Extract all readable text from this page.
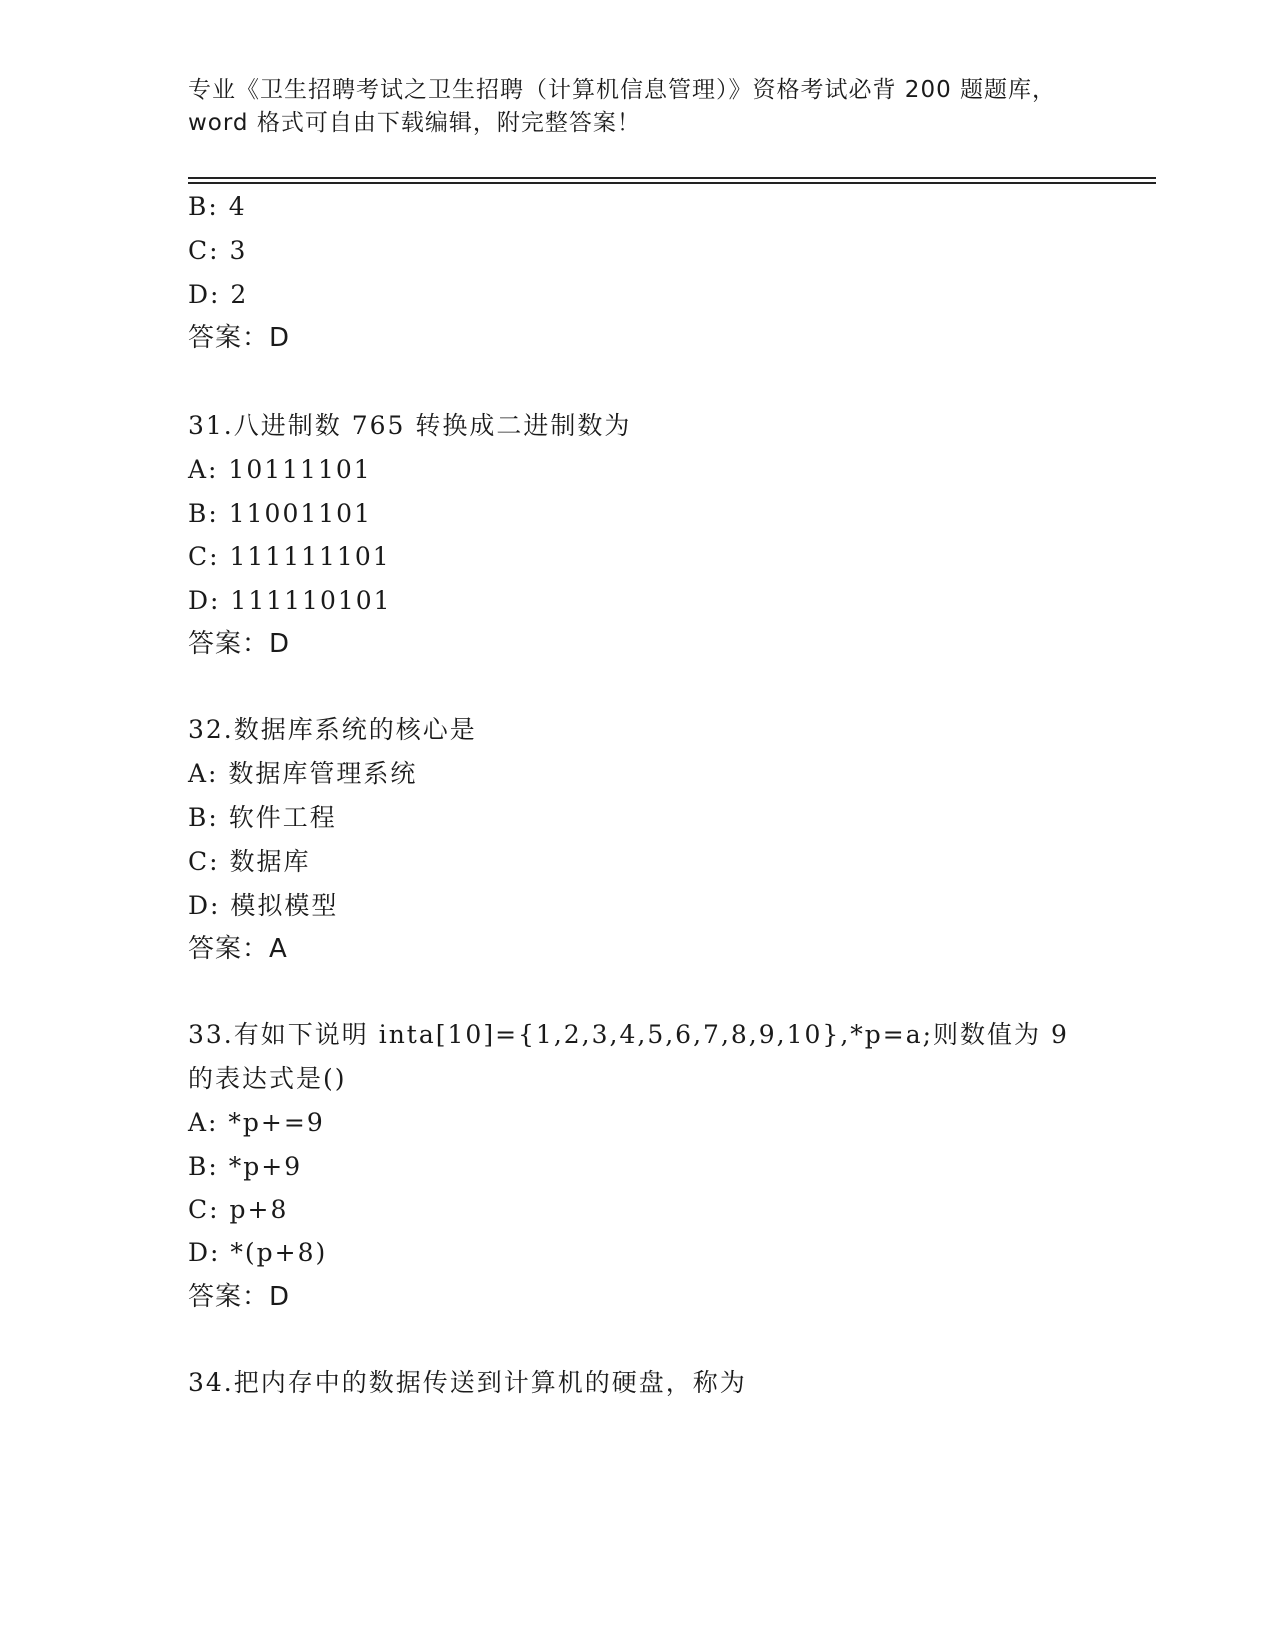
专业《卫生招聘考试之卫生招聘（计算机信息管理）》资格考试必背 200 题题库，
word 格式可自由下载编辑，附完整答案！
B: 4
C: 3
D: 2
答案：D
31.八进制数 765 转换成二进制数为
A: 10111101
B: 11001101
C: 111111101
D: 111110101
答案：D
32.数据库系统的核心是
A: 数据库管理系统
B: 软件工程
C: 数据库
D: 模拟模型
答案：A
33.有如下说明 inta[10]={1,2,3,4,5,6,7,8,9,10},*p=a;则数值为 9
的表达式是()
A: *p+=9
B: *p+9
C: p+8
D: *(p+8)
答案：D
34.把内存中的数据传送到计算机的硬盘，称为
